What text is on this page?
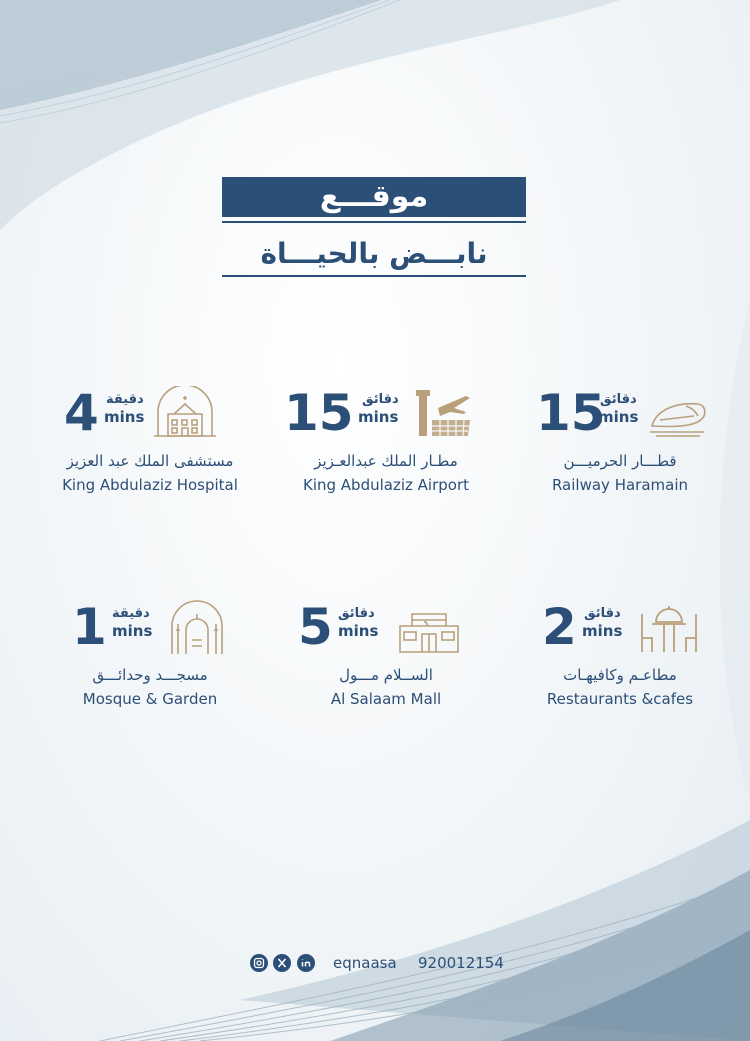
موقـــع
نابـــض بالحيـــاة
4 دقيقة
mins
مستشفى الملك عبد العزيز
King Abdulaziz Hospital
15 دقائق
mins
مطـار الملك عبدالعـزيز
King Abdulaziz Airport
15
دقائق
mins
قطـــار الحرميـــن
Railway Haramain
1 دقيقة
mins
مسجـــد وحدائـــق
Mosque & Garden
5 دقائق
mins
الســلام مـــول
Al Salaam Mall
2 دقائق
mins
مطاعـم وكافيهـات
Restaurants &cafes
eqnaasa 920012154
